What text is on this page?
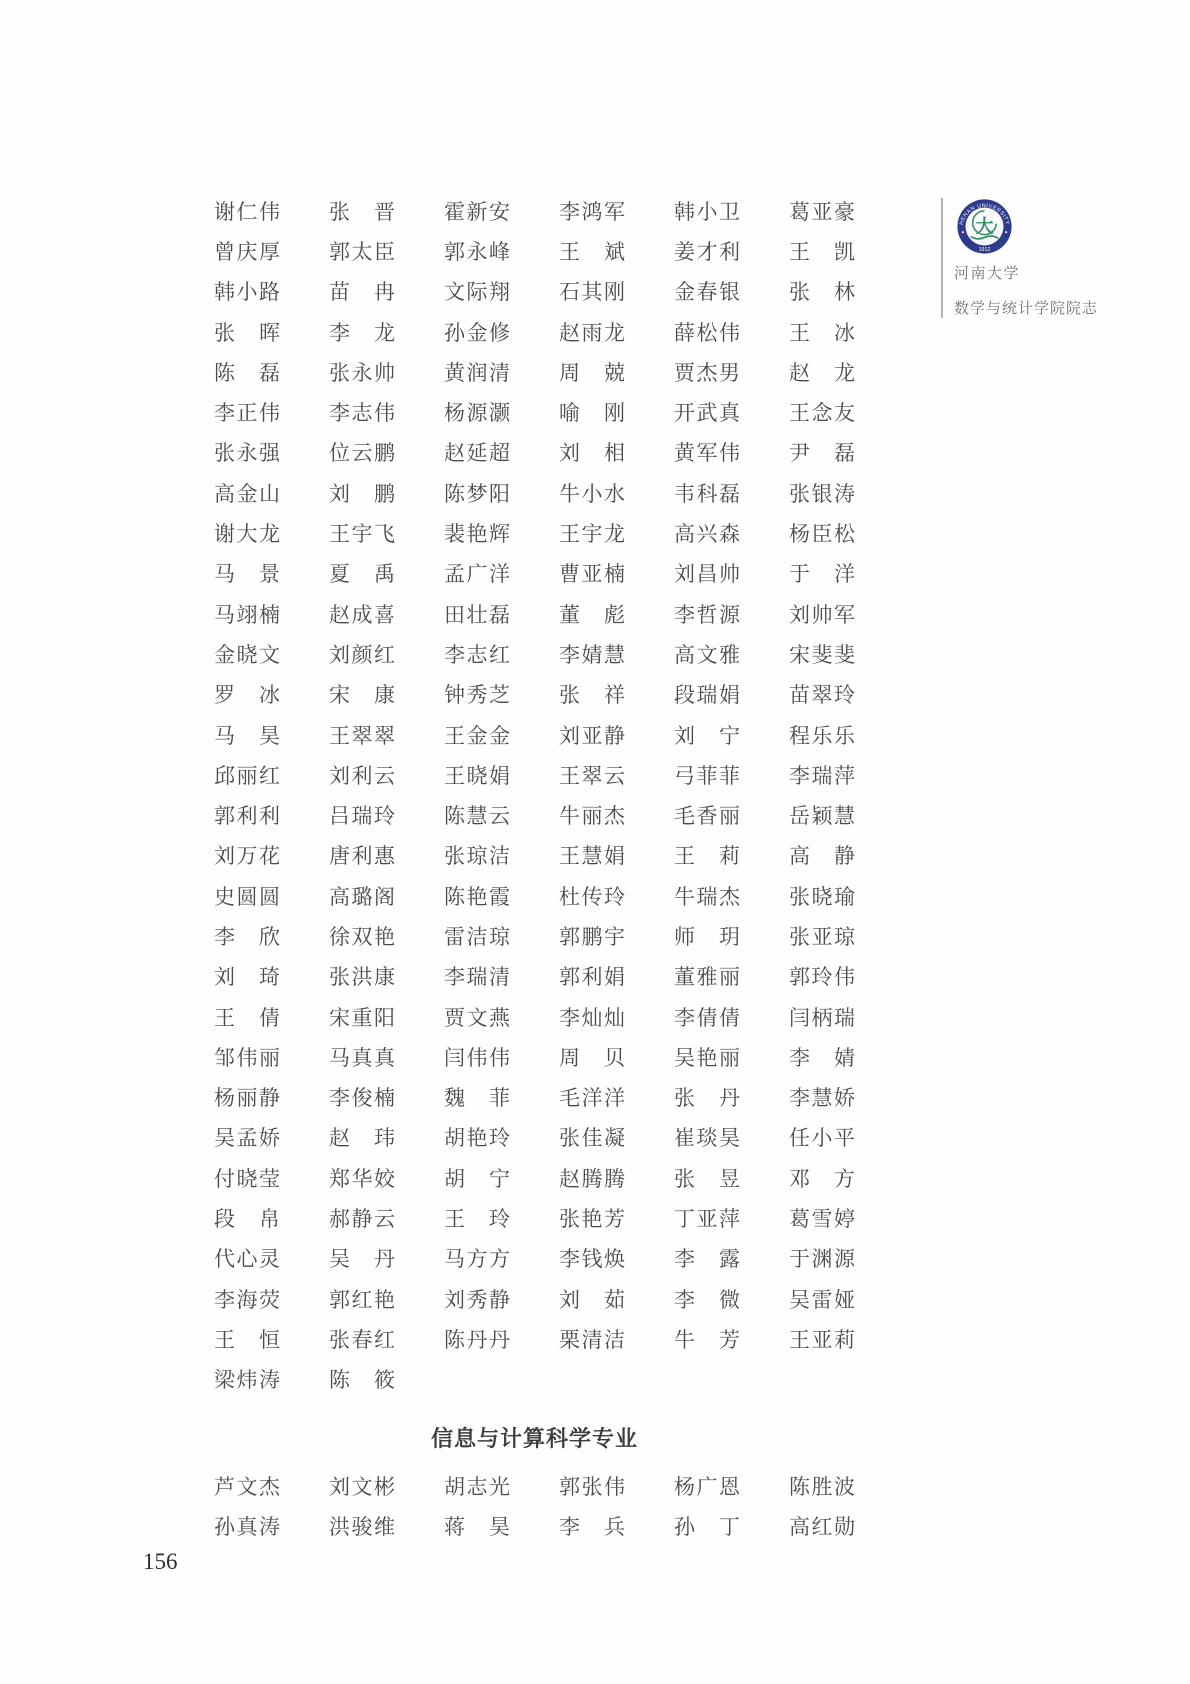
谢 仁 伟 张 晋 霍 新 安 李 鸿 军 韩 小 卫 葛 亚 豪
曾 庆 厚 郭 太 臣 郭 永 峰 王 斌 姜 才 利 王 凯
韩 小 路 苗 冉 文 际 翔 石 其 刚 金 春 银 张 林
张 晖 李 龙 孙 金 修 赵 雨 龙 薛 松 伟 王 冰
陈 磊 张 永 帅 黄 润 清 周 兢 贾 杰 男 赵 龙
李 正 伟 李 志 伟 杨 源 灏 喻 刚 开 武 真 王 念 友
张 永 强 位 云 鹏 赵 延 超 刘 相 黄 军 伟 尹 磊
高 金 山 刘 鹏 陈 梦 阳 牛 小 水 韦 科 磊 张 银 涛
谢 大 龙 王 宇 飞 裴 艳 辉 王 宇 龙 高 兴 森 杨 臣 松
马 景 夏 禹 孟 广 洋 曹 亚 楠 刘 昌 帅 于 洋
马 翊 楠 赵 成 喜 田 壮 磊 董 彪 李 哲 源 刘 帅 军
金 晓 文 刘 颜 红 李 志 红 李 婧 慧 高 文 雅 宋 斐 斐
罗 冰 宋 康 钟 秀 芝 张 祥 段 瑞 娟 苗 翠 玲
马 昊 王 翠 翠 王 金 金 刘 亚 静 刘 宁 程 乐 乐
邱 丽 红 刘 利 云 王 晓 娟 王 翠 云 弓 菲 菲 李 瑞 萍
郭 利 利 吕 瑞 玲 陈 慧 云 牛 丽 杰 毛 香 丽 岳 颖 慧
刘 万 花 唐 利 惠 张 琼 洁 王 慧 娟 王 莉 高 静
史 圆 圆 高 璐 阁 陈 艳 霞 杜 传 玲 牛 瑞 杰 张 晓 瑜
李 欣 徐 双 艳 雷 洁 琼 郭 鹏 宇 师 玥 张 亚 琼
刘 琦 张 洪 康 李 瑞 清 郭 利 娟 董 雅 丽 郭 玲 伟
王 倩 宋 重 阳 贾 文 燕 李 灿 灿 李 倩 倩 闫 柄 瑞
邹 伟 丽 马 真 真 闫 伟 伟 周 贝 吴 艳 丽 李 婧
杨 丽 静 李 俊 楠 魏 菲 毛 洋 洋 张 丹 李 慧 娇
吴 孟 娇 赵 玮 胡 艳 玲 张 佳 凝 崔 琰 昊 任 小 平
付 晓 莹 郑 华 姣 胡 宁 赵 腾 腾 张 昱 邓 方
段 帛 郝 静 云 王 玲 张 艳 芳 丁 亚 萍 葛 雪 婷
代 心 灵 吴 丹 马 方 方 李 钱 焕 李 露 于 渊 源
李 海 荧 郭 红 艳 刘 秀 静 刘 茹 李 微 吴 雷 娅
王 恒 张 春 红 陈 丹 丹 栗 清 洁 牛 芳 王 亚 莉
梁 炜 涛 陈 筱
信息与计算科学专业
芦 文 杰 刘 文 彬 胡 志 光 郭 张 伟 杨 广 恩 陈 胜 波
孙 真 涛 洪 骏 维 蒋 昊 李 兵 孙 丁 高 红 勋
HENAN UNIVERSITY
1912
大
河南大学
数学与统计学院院志
156
